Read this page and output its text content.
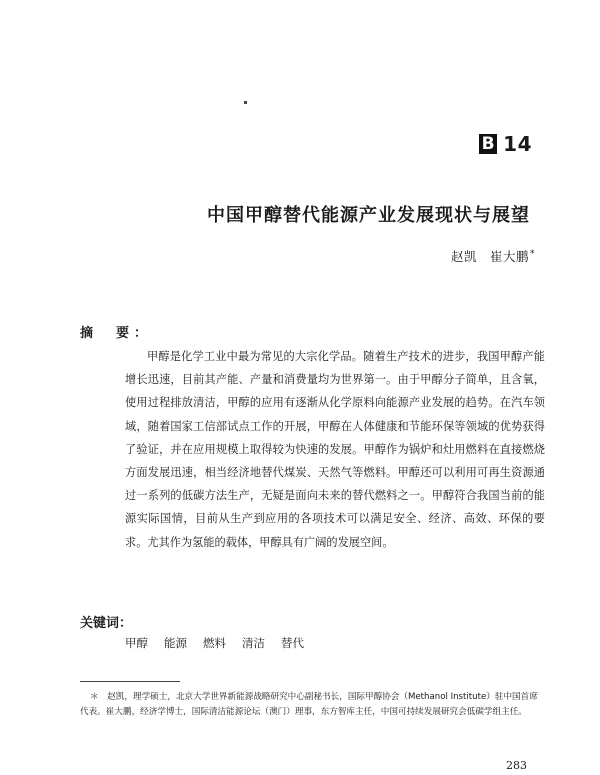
B 14
中国甲醇替代能源产业发展现状与展望
赵凯　崔大鹏*
摘　要：

甲醇是化学工业中最为常见的大宗化学品。随着生产技术的进步，我国甲醇产能增长迅速，目前其产能、产量和消费量均为世界第一。由于甲醇分子简单，且含氧，使用过程排放清洁，甲醇的应用有逐渐从化学原料向能源产业发展的趋势。在汽车领域，随着国家工信部试点工作的开展，甲醇在人体健康和节能环保等领域的优势获得了验证，并在应用规模上取得较为快速的发展。甲醇作为锅炉和灶用燃料在直接燃烧方面发展迅速，相当经济地替代煤炭、天然气等燃料。甲醇还可以利用可再生资源通过一系列的低碳方法生产，无疑是面向未来的替代燃料之一。甲醇符合我国当前的能源实际国情，目前从生产到应用的各项技术可以满足安全、经济、高效、环保的要求。尤其作为氢能的载体，甲醇具有广阔的发展空间。

关键词：
甲醇 能源 燃料 清洁 替代

＊　赵凯，理学硕士，北京大学世界新能源战略研究中心副秘书长，国际甲醇协会（Methanol Institute）驻中国首席代表。崔大鹏，经济学博士，国际清洁能源论坛（澳门）理事，东方智库主任，中国可持续发展研究会低碳学组主任。

283
